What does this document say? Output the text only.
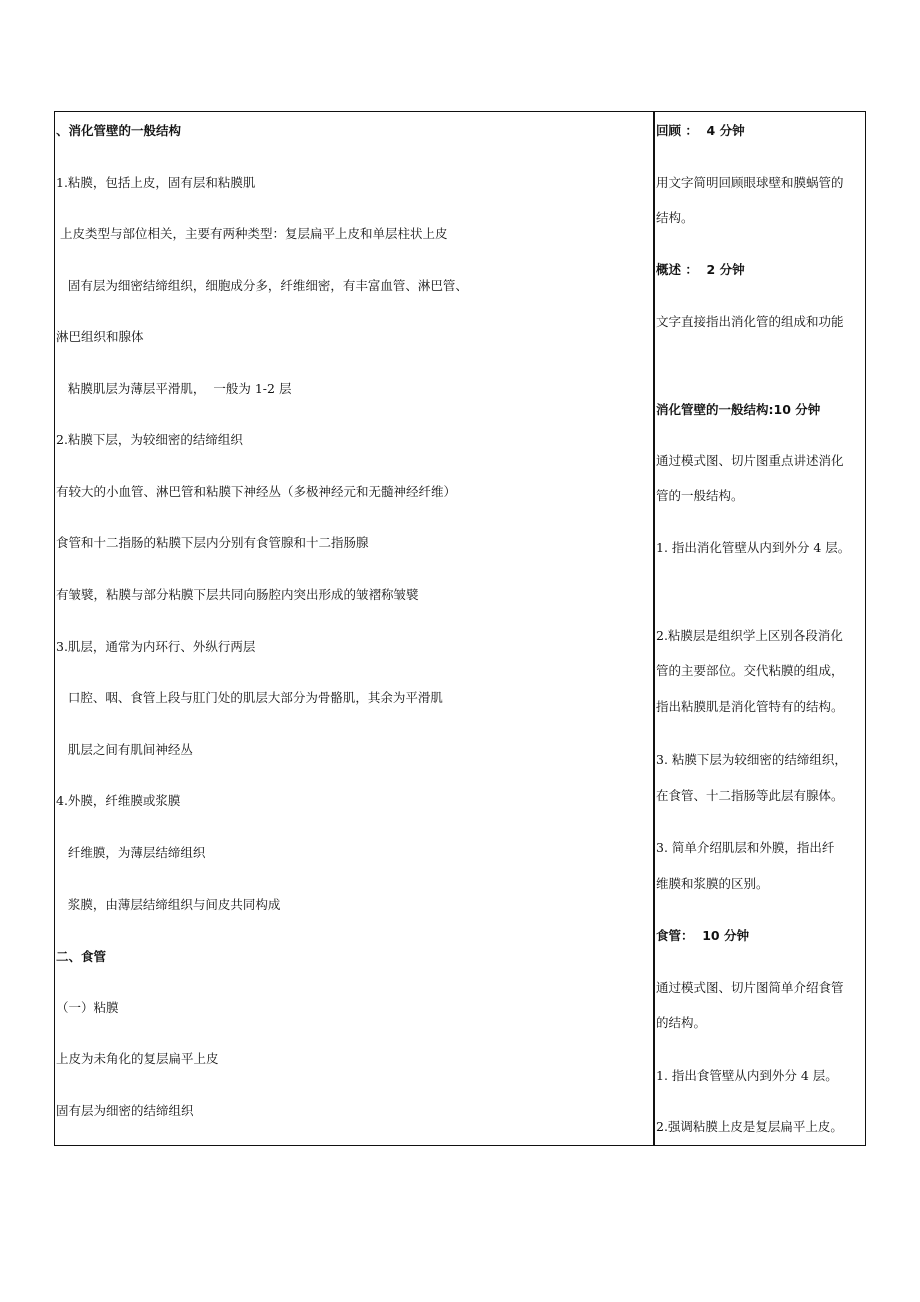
、消化管壁的一般结构
1.粘膜，包括上皮，固有层和粘膜肌
上皮类型与部位相关，主要有两种类型：复层扁平上皮和单层柱状上皮
固有层为细密结缔组织，细胞成分多，纤维细密，有丰富血管、淋巴管、
淋巴组织和腺体
粘膜肌层为薄层平滑肌，  一般为 1-2 层
2.粘膜下层，为较细密的结缔组织
有较大的小血管、淋巴管和粘膜下神经丛（多极神经元和无髓神经纤维）
食管和十二指肠的粘膜下层内分别有食管腺和十二指肠腺
有皱襞，粘膜与部分粘膜下层共同向肠腔内突出形成的皱褶称皱襞
3.肌层，通常为内环行、外纵行两层
口腔、咽、食管上段与肛门处的肌层大部分为骨骼肌，其余为平滑肌
肌层之间有肌间神经丛
4.外膜，纤维膜或浆膜
纤维膜，为薄层结缔组织
浆膜，由薄层结缔组织与间皮共同构成
二、食管
（一）粘膜
上皮为未角化的复层扁平上皮
固有层为细密的结缔组织
回顾 ：  4 分钟
用文字简明回顾眼球壁和膜蜗管的
结构。
概述 ：  2 分钟
文字直接指出消化管的组成和功能
消化管壁的一般结构:10 分钟
通过模式图、切片图重点讲述消化
管的一般结构。
1. 指出消化管壁从内到外分 4 层。
2.粘膜层是组织学上区别各段消化
管的主要部位。交代粘膜的组成，
指出粘膜肌是消化管特有的结构。
3. 粘膜下层为较细密的结缔组织，
在食管、十二指肠等此层有腺体。
3. 简单介绍肌层和外膜，指出纤
维膜和浆膜的区别。
食管：  10 分钟
通过模式图、切片图简单介绍食管
的结构。
1. 指出食管壁从内到外分 4 层。
2.强调粘膜上皮是复层扁平上皮。
